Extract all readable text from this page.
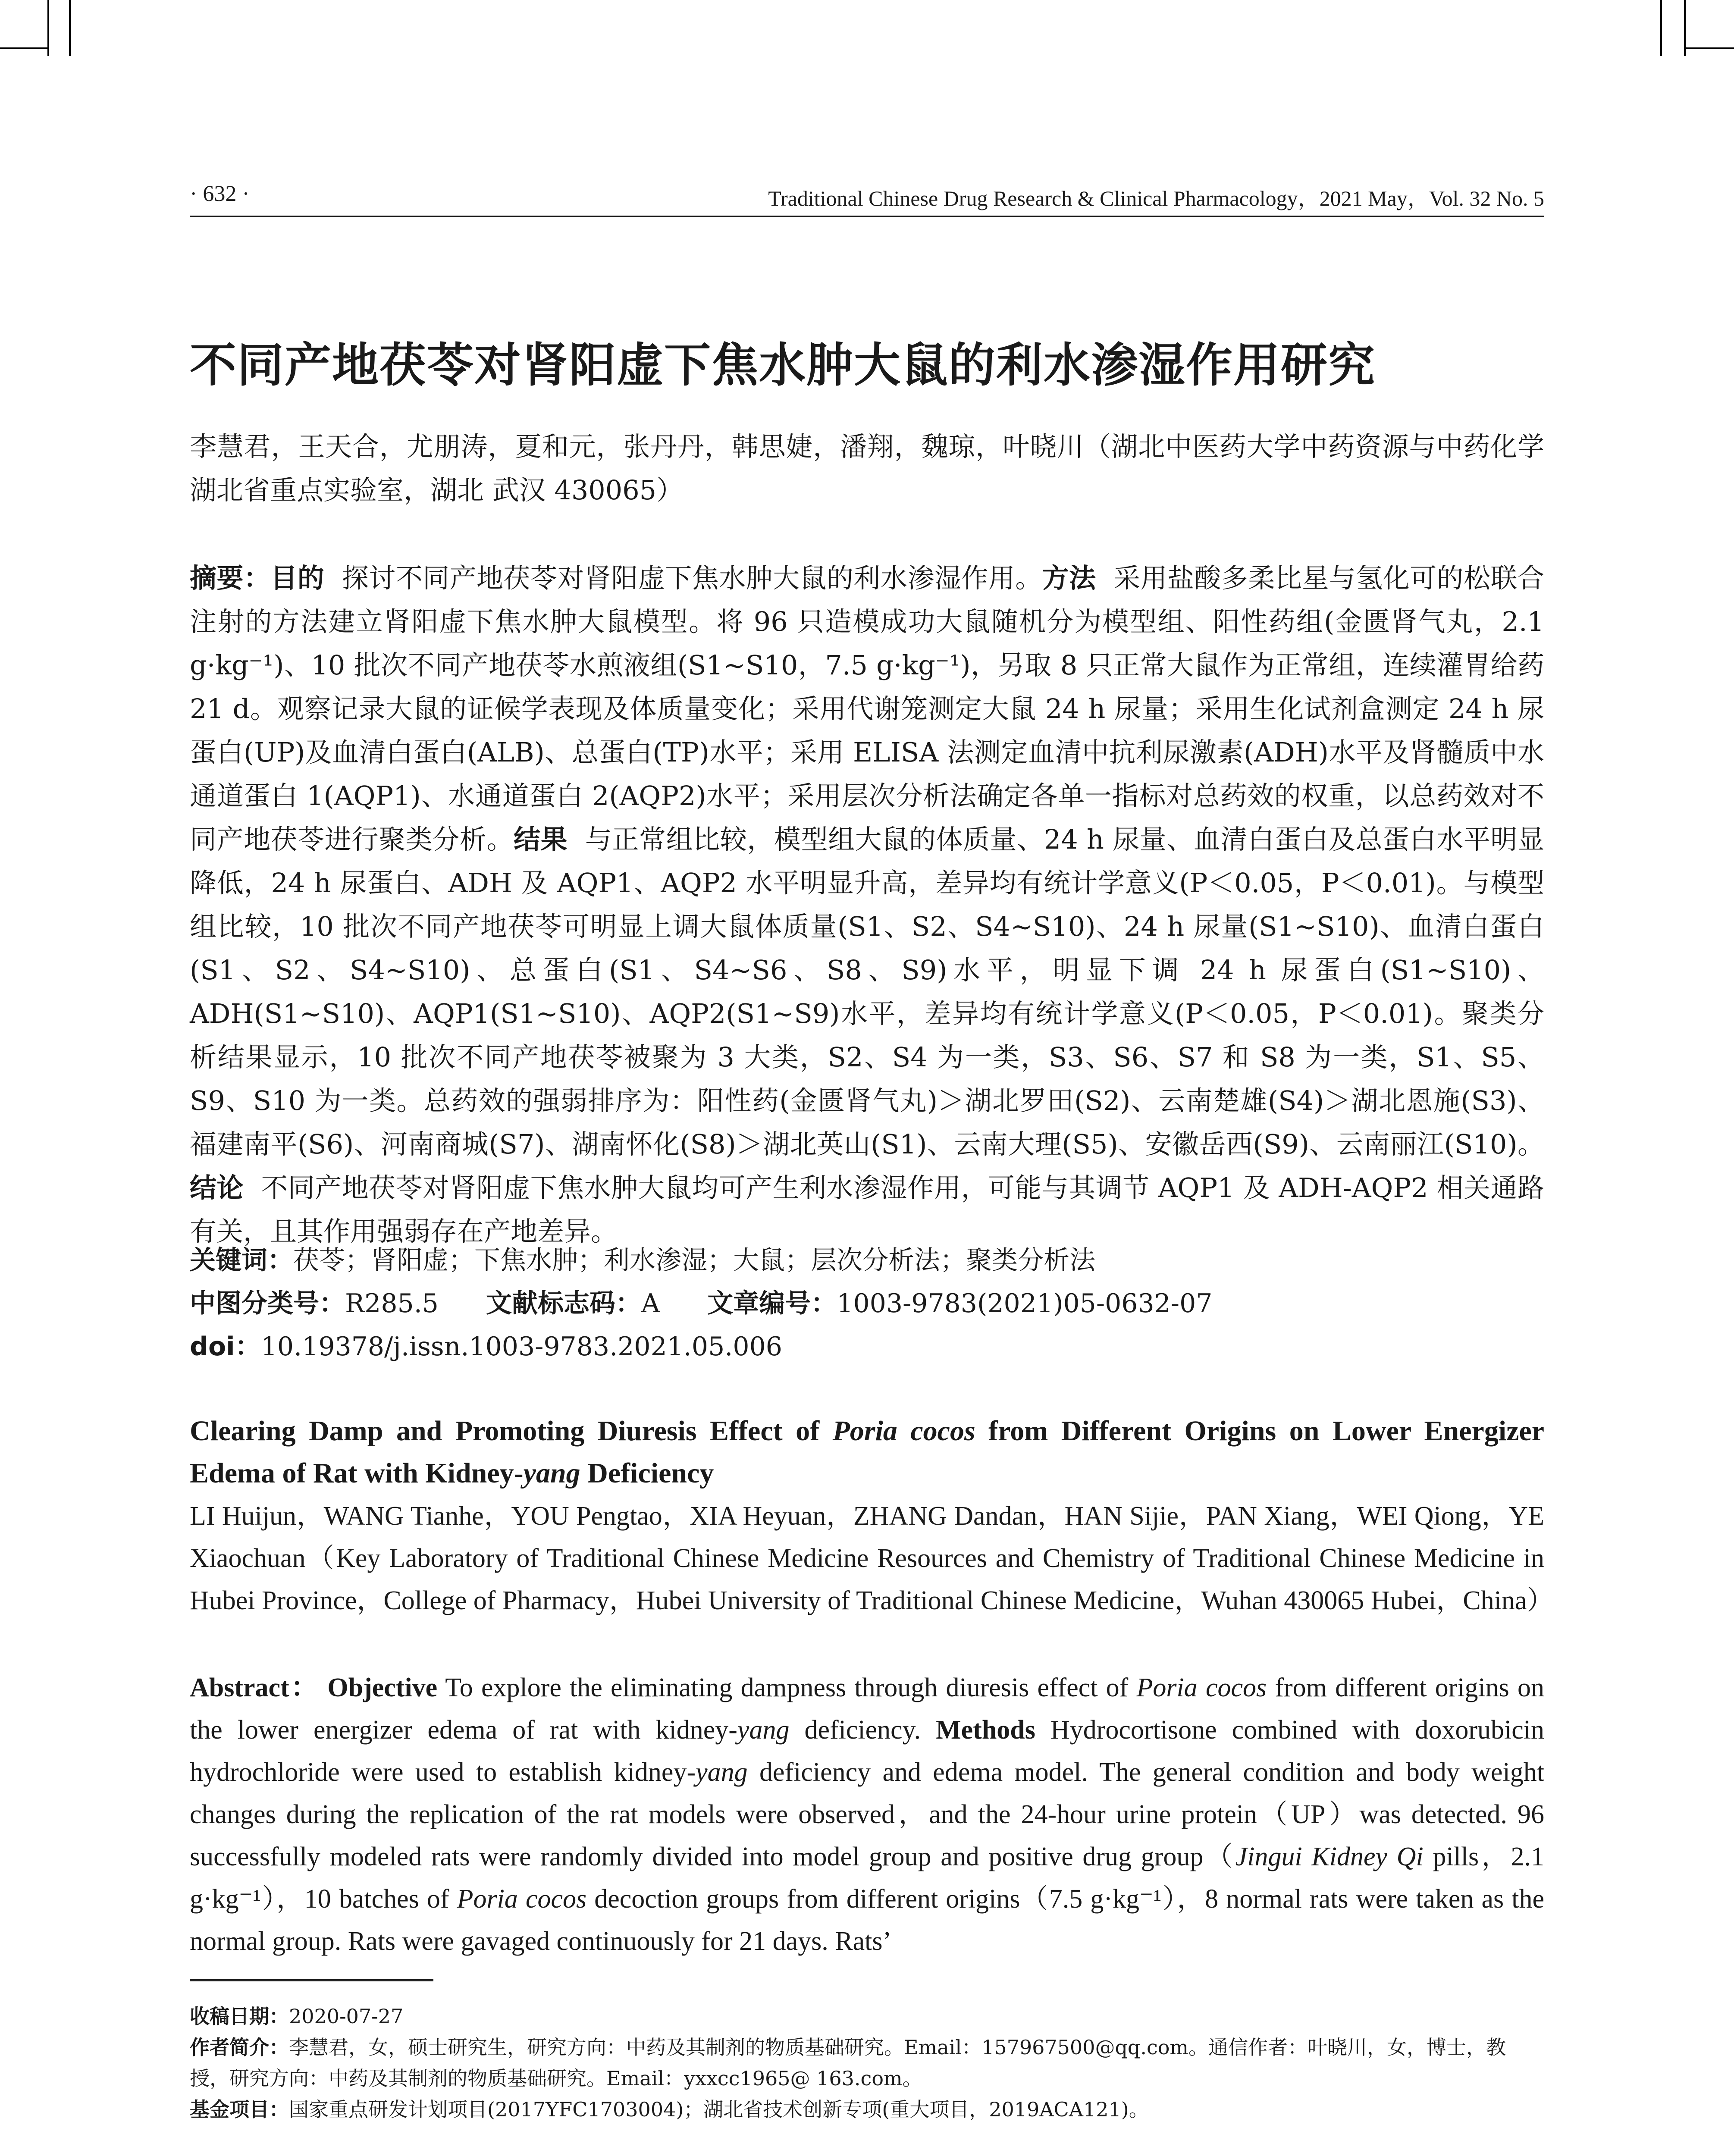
· 632 ·	Traditional Chinese Drug Research & Clinical Pharmacology，2021 May，Vol. 32 No. 5
不同产地茯苓对肾阳虚下焦水肿大鼠的利水渗湿作用研究
李慧君，王天合，尤朋涛，夏和元，张丹丹，韩思婕，潘翔，魏琼，叶晓川（湖北中医药大学中药资源与中药化学湖北省重点实验室，湖北 武汉 430065）
摘要：目的 探讨不同产地茯苓对肾阳虚下焦水肿大鼠的利水渗湿作用。方法 采用盐酸多柔比星与氢化可的松联合注射的方法建立肾阳虚下焦水肿大鼠模型。将 96 只造模成功大鼠随机分为模型组、阳性药组(金匮肾气丸，2.1 g·kg⁻¹)、10 批次不同产地茯苓水煎液组(S1~S10，7.5 g·kg⁻¹)，另取 8 只正常大鼠作为正常组，连续灌胃给药 21 d。观察记录大鼠的证候学表现及体质量变化；采用代谢笼测定大鼠 24 h 尿量；采用生化试剂盒测定 24 h 尿蛋白(UP)及血清白蛋白(ALB)、总蛋白(TP)水平；采用 ELISA 法测定血清中抗利尿激素(ADH)水平及肾髓质中水通道蛋白 1(AQP1)、水通道蛋白 2(AQP2)水平；采用层次分析法确定各单一指标对总药效的权重，以总药效对不同产地茯苓进行聚类分析。结果 与正常组比较，模型组大鼠的体质量、24 h 尿量、血清白蛋白及总蛋白水平明显降低，24 h 尿蛋白、ADH 及 AQP1、AQP2 水平明显升高，差异均有统计学意义(P＜0.05，P＜0.01)。与模型组比较，10 批次不同产地茯苓可明显上调大鼠体质量(S1、S2、S4~S10)、24 h 尿量(S1~S10)、血清白蛋白(S1、S2、S4~S10)、总蛋白(S1、S4~S6、S8、S9)水平，明显下调 24 h 尿蛋白(S1~S10)、ADH(S1~S10)、AQP1(S1~S10)、AQP2(S1~S9)水平，差异均有统计学意义(P＜0.05，P＜0.01)。聚类分析结果显示，10 批次不同产地茯苓被聚为 3 大类，S2、S4 为一类，S3、S6、S7 和 S8 为一类，S1、S5、S9、S10 为一类。总药效的强弱排序为：阳性药(金匮肾气丸)＞湖北罗田(S2)、云南楚雄(S4)＞湖北恩施(S3)、福建南平(S6)、河南商城(S7)、湖南怀化(S8)＞湖北英山(S1)、云南大理(S5)、安徽岳西(S9)、云南丽江(S10)。结论 不同产地茯苓对肾阳虚下焦水肿大鼠均可产生利水渗湿作用，可能与其调节 AQP1 及 ADH-AQP2 相关通路有关，且其作用强弱存在产地差异。
关键词：茯苓；肾阳虚；下焦水肿；利水渗湿；大鼠；层次分析法；聚类分析法
中图分类号：R285.5 文献标志码：A 文章编号：1003-9783(2021)05-0632-07
doi：10.19378/j.issn.1003-9783.2021.05.006
Clearing Damp and Promoting Diuresis Effect of Poria cocos from Different Origins on Lower Energizer Edema of Rat with Kidney-yang Deficiency
LI Huijun，WANG Tianhe，YOU Pengtao，XIA Heyuan，ZHANG Dandan，HAN Sijie，PAN Xiang，WEI Qiong，YE Xiaochuan（Key Laboratory of Traditional Chinese Medicine Resources and Chemistry of Traditional Chinese Medicine in Hubei Province，College of Pharmacy，Hubei University of Traditional Chinese Medicine，Wuhan 430065 Hubei，China）
Abstract： Objective To explore the eliminating dampness through diuresis effect of Poria cocos from different origins on the lower energizer edema of rat with kidney-yang deficiency. Methods Hydrocortisone combined with doxorubicin hydrochloride were used to establish kidney-yang deficiency and edema model. The general condition and body weight changes during the replication of the rat models were observed，and the 24-hour urine protein（UP）was detected. 96 successfully modeled rats were randomly divided into model group and positive drug group（Jingui Kidney Qi pills，2.1 g·kg⁻¹），10 batches of Poria cocos decoction groups from different origins（7.5 g·kg⁻¹），8 normal rats were taken as the normal group. Rats were gavaged continuously for 21 days. Rats’
收稿日期：2020-07-27
作者简介：李慧君，女，硕士研究生，研究方向：中药及其制剂的物质基础研究。Email：157967500@qq.com。通信作者：叶晓川，女，博士，教授，研究方向：中药及其制剂的物质基础研究。Email：yxxcc1965@ 163.com。
基金项目：国家重点研发计划项目(2017YFC1703004)；湖北省技术创新专项(重大项目，2019ACA121)。
